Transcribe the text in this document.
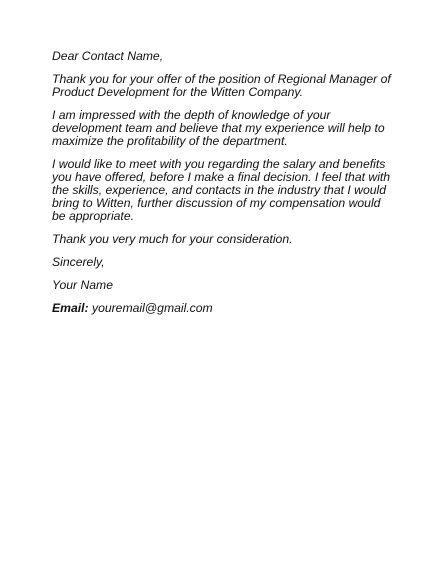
Dear Contact Name,

Thank you for your offer of the position of Regional Manager of Product Development for the Witten Company.

I am impressed with the depth of knowledge of your development team and believe that my experience will help to maximize the profitability of the department.

I would like to meet with you regarding the salary and benefits you have offered, before I make a final decision. I feel that with the skills, experience, and contacts in the industry that I would bring to Witten, further discussion of my compensation would be appropriate.

Thank you very much for your consideration.

Sincerely,

Your Name

Email: youremail@gmail.com
